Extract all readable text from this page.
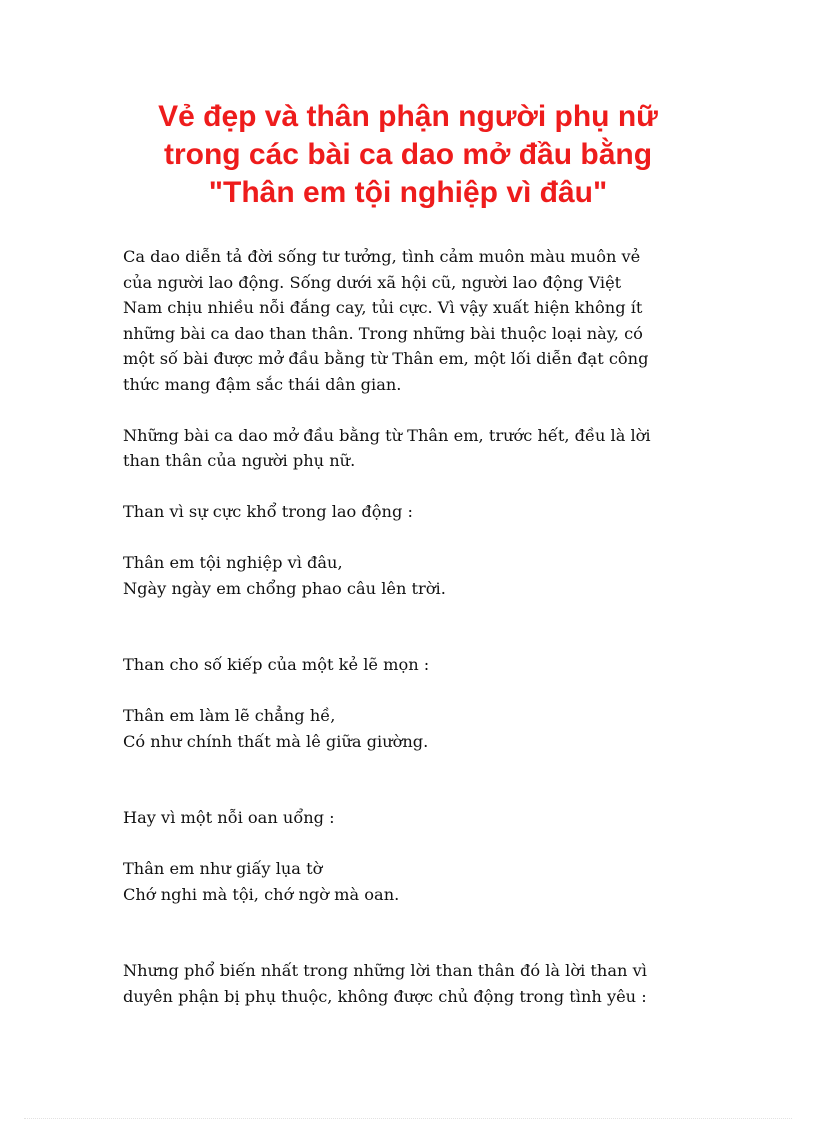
Vẻ đẹp và thân phận người phụ nữ
trong các bài ca dao mở đầu bằng
"Thân em tội nghiệp vì đâu"

Ca dao diễn tả đời sống tư tưởng, tình cảm muôn màu muôn vẻ
của người lao động. Sống dưới xã hội cũ, người lao động Việt
Nam chịu nhiều nỗi đắng cay, tủi cực. Vì vậy xuất hiện không ít
những bài ca dao than thân. Trong những bài thuộc loại này, có
một số bài được mở đầu bằng từ Thân em, một lối diễn đạt công
thức mang đậm sắc thái dân gian.

Những bài ca dao mở đầu bằng từ Thân em, trước hết, đều là lời
than thân của người phụ nữ.

Than vì sự cực khổ trong lao động :

Thân em tội nghiệp vì đâu,
Ngày ngày em chổng phao câu lên trời.

Than cho số kiếp của một kẻ lẽ mọn :

Thân em làm lẽ chẳng hề,
Có như chính thất mà lê giữa giường.

Hay vì một nỗi oan uổng :

Thân em như giấy lụa tờ
Chớ nghi mà tội, chớ ngờ mà oan.

Nhưng phổ biến nhất trong những lời than thân đó là lời than vì
duyên phận bị phụ thuộc, không được chủ động trong tình yêu :
